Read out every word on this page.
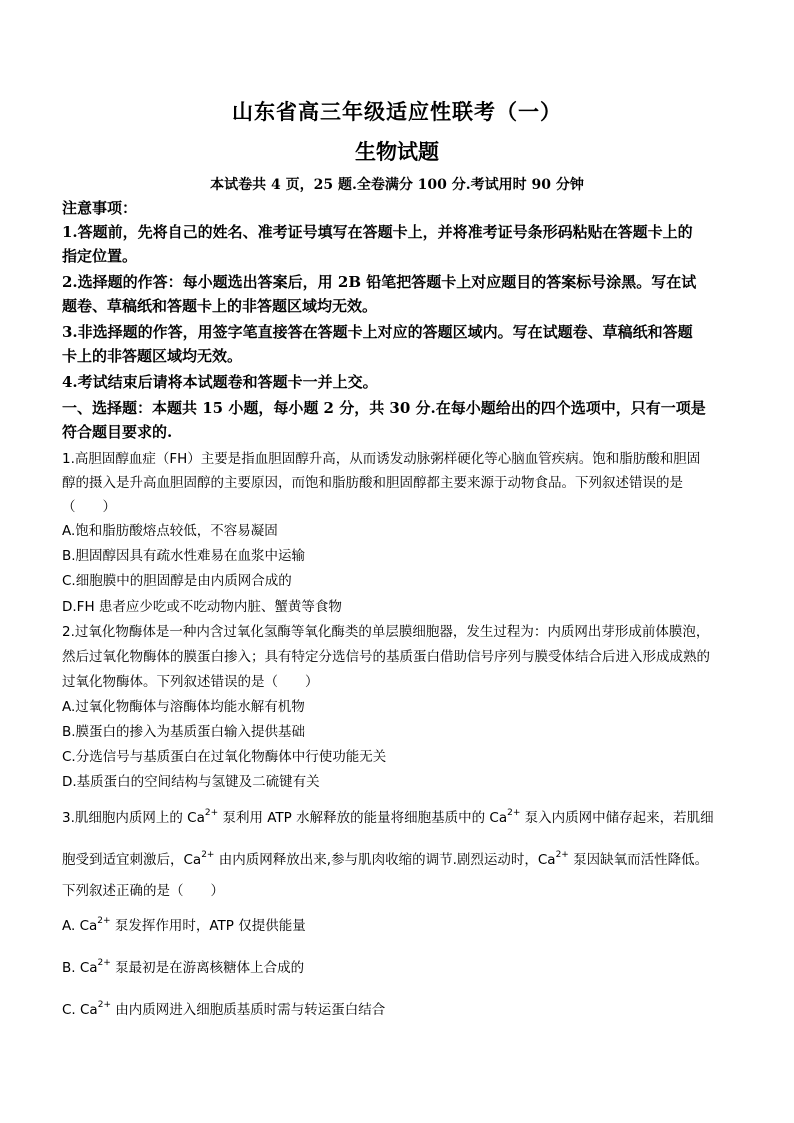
山东省高三年级适应性联考（一）
生物试题
本试卷共 4 页，25 题.全卷满分 100 分.考试用时 90 分钟
注意事项：
1.答题前，先将自己的姓名、准考证号填写在答题卡上，并将准考证号条形码粘贴在答题卡上的
指定位置。
2.选择题的作答：每小题选出答案后，用 2B 铅笔把答题卡上对应题目的答案标号涂黑。写在试
题卷、草稿纸和答题卡上的非答题区域均无效。
3.非选择题的作答，用签字笔直接答在答题卡上对应的答题区域内。写在试题卷、草稿纸和答题
卡上的非答题区域均无效。
4.考试结束后请将本试题卷和答题卡一并上交。
一、选择题：本题共 15 小题，每小题 2 分，共 30 分.在每小题给出的四个选项中，只有一项是
符合题目要求的.
1.高胆固醇血症（FH）主要是指血胆固醇升高，从而诱发动脉粥样硬化等心脑血管疾病。饱和脂肪酸和胆固
醇的摄入是升高血胆固醇的主要原因，而饱和脂肪酸和胆固醇都主要来源于动物食品。下列叙述错误的是
（　　）
A.饱和脂肪酸熔点较低，不容易凝固
B.胆固醇因具有疏水性难易在血浆中运输
C.细胞膜中的胆固醇是由内质网合成的
D.FH 患者应少吃或不吃动物内脏、蟹黄等食物
2.过氧化物酶体是一种内含过氧化氢酶等氧化酶类的单层膜细胞器，发生过程为：内质网出芽形成前体膜泡，
然后过氧化物酶体的膜蛋白掺入；具有特定分选信号的基质蛋白借助信号序列与膜受体结合后进入形成成熟的
过氧化物酶体。下列叙述错误的是（　　）
A.过氧化物酶体与溶酶体均能水解有机物
B.膜蛋白的掺入为基质蛋白输入提供基础
C.分选信号与基质蛋白在过氧化物酶体中行使功能无关
D.基质蛋白的空间结构与氢键及二硫键有关
3.肌细胞内质网上的 $Ca^{2+}$ 泵利用 ATP 水解释放的能量将细胞基质中的 $Ca^{2+}$ 泵入内质网中储存起来，若肌细
胞受到适宜刺激后，$Ca^{2+}$ 由内质网释放出来,参与肌肉收缩的调节.剧烈运动时，$Ca^{2+}$ 泵因缺氧而活性降低。
下列叙述正确的是（　　）
A. $Ca^{2+}$ 泵发挥作用时，ATP 仅提供能量
B. $Ca^{2+}$ 泵最初是在游离核糖体上合成的
C. $Ca^{2+}$ 由内质网进入细胞质基质时需与转运蛋白结合
